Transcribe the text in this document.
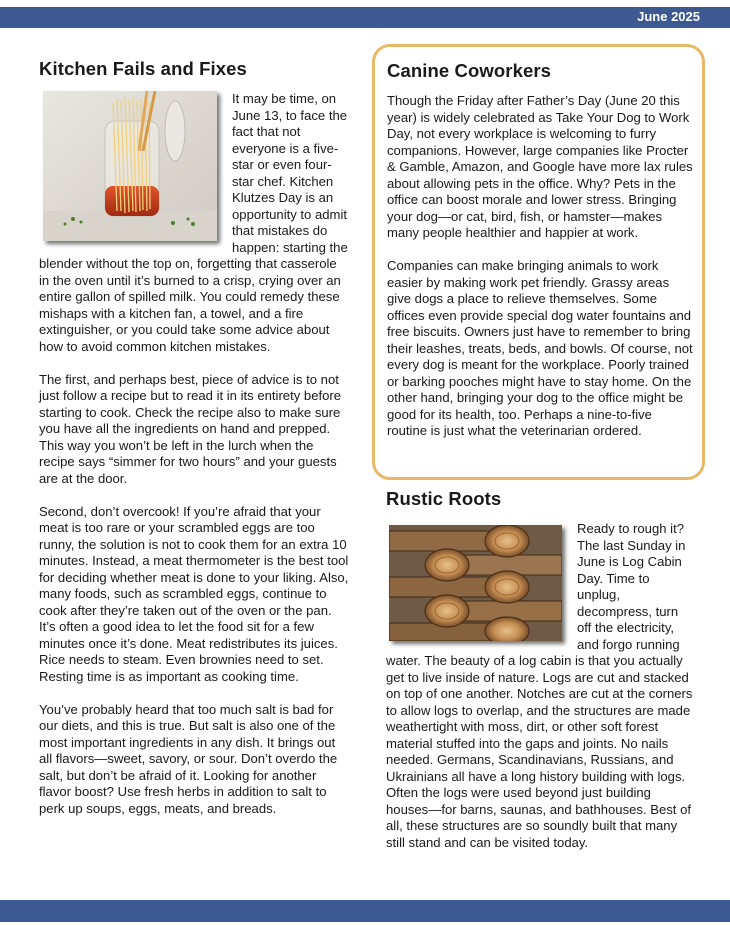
June 2025
Kitchen Fails and Fixes

It may be time, on June 13, to face the fact that not everyone is a five-star or even four-star chef. Kitchen Klutzes Day is an opportunity to admit that mistakes do happen: starting the blender without the top on, forgetting that casserole in the oven until it’s burned to a crisp, crying over an entire gallon of spilled milk. You could remedy these mishaps with a kitchen fan, a towel, and a fire extinguisher, or you could take some advice about how to avoid common kitchen mistakes.

The first, and perhaps best, piece of advice is to not just follow a recipe but to read it in its entirety before starting to cook. Check the recipe also to make sure you have all the ingredients on hand and prepped. This way you won’t be left in the lurch when the recipe says “simmer for two hours” and your guests are at the door.

Second, don’t overcook! If you’re afraid that your meat is too rare or your scrambled eggs are too runny, the solution is not to cook them for an extra 10 minutes. Instead, a meat thermometer is the best tool for deciding whether meat is done to your liking. Also, many foods, such as scrambled eggs, continue to cook after they’re taken out of the oven or the pan. It’s often a good idea to let the food sit for a few minutes once it’s done. Meat redistributes its juices. Rice needs to steam. Even brownies need to set. Resting time is as important as cooking time.

You’ve probably heard that too much salt is bad for our diets, and this is true. But salt is also one of the most important ingredients in any dish. It brings out all flavors—sweet, savory, or sour. Don’t overdo the salt, but don’t be afraid of it. Looking for another flavor boost? Use fresh herbs in addition to salt to perk up soups, eggs, meats, and breads.

Canine Coworkers

Though the Friday after Father’s Day (June 20 this year) is widely celebrated as Take Your Dog to Work Day, not every workplace is welcoming to furry companions. However, large companies like Procter & Gamble, Amazon, and Google have more lax rules about allowing pets in the office. Why? Pets in the office can boost morale and lower stress. Bringing your dog—or cat, bird, fish, or hamster—makes many people healthier and happier at work.

Companies can make bringing animals to work easier by making work pet friendly. Grassy areas give dogs a place to relieve themselves. Some offices even provide special dog water fountains and free biscuits. Owners just have to remember to bring their leashes, treats, beds, and bowls. Of course, not every dog is meant for the workplace. Poorly trained or barking pooches might have to stay home. On the other hand, bringing your dog to the office might be good for its health, too. Perhaps a nine-to-five routine is just what the veterinarian ordered.

Rustic Roots

Ready to rough it? The last Sunday in June is Log Cabin Day. Time to unplug, decompress, turn off the electricity, and forgo running water. The beauty of a log cabin is that you actually get to live inside of nature. Logs are cut and stacked on top of one another. Notches are cut at the corners to allow logs to overlap, and the structures are made weathertight with moss, dirt, or other soft forest material stuffed into the gaps and joints. No nails needed. Germans, Scandinavians, Russians, and Ukrainians all have a long history building with logs. Often the logs were used beyond just building houses—for barns, saunas, and bathhouses. Best of all, these structures are so soundly built that many still stand and can be visited today.
